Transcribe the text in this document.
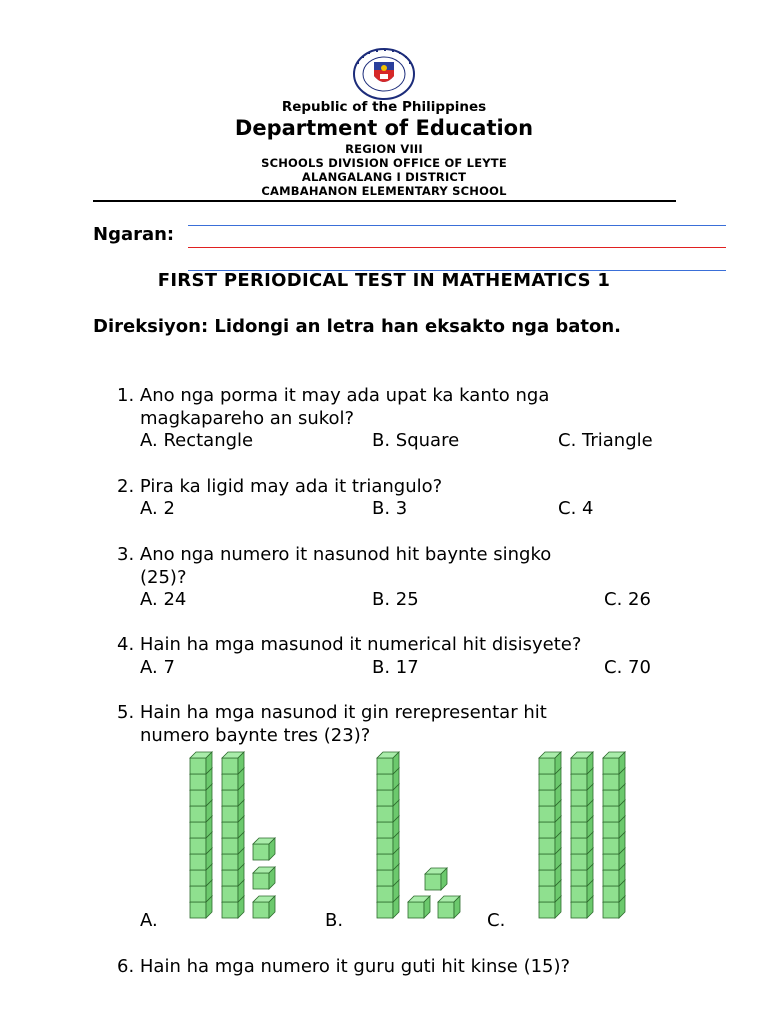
Republic of the Philippines
Department of Education
REGION VIII
SCHOOLS DIVISION OFFICE OF LEYTE
ALANGALANG I DISTRICT
CAMBAHANON ELEMENTARY SCHOOL
Ngaran:
FIRST PERIODICAL TEST IN MATHEMATICS 1
Direksiyon: Lidongi an letra han eksakto nga baton.
1. Ano nga porma it may ada upat ka kanto nga
magkapareho an sukol?
A. Rectangle	B. Square	C. Triangle
2. Pira ka ligid may ada it triangulo?
A. 2	B. 3	C. 4
3. Ano nga numero it nasunod hit baynte singko
(25)?
A. 24	B. 25	C. 26
4. Hain ha mga masunod it numerical hit disisyete?
A. 7	B. 17	C. 70
5. Hain ha mga nasunod it gin rerepresentar hit
numero baynte tres (23)?
A.	B.	C.
6. Hain ha mga numero it guru guti hit kinse (15)?
